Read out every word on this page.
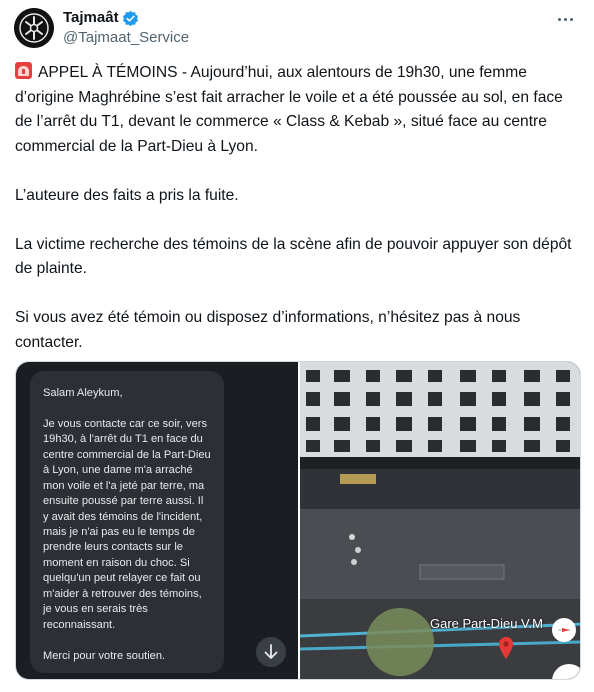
Tajmaât
@Tajmaat_Service
APPEL À TÉMOINS - Aujourd’hui, aux alentours de 19h30, une femme d’origine Maghrébine s’est fait arracher le voile et a été poussée au sol, en face de l’arrêt du T1, devant le commerce « Class & Kebab », situé face au centre commercial de la Part-Dieu à Lyon.
L’auteure des faits a pris la fuite.
La victime recherche des témoins de la scène afin de pouvoir appuyer son dépôt de plainte.
Si vous avez été témoin ou disposez d’informations, n’hésitez pas à nous contacter.

Salam Aleykum,

Je vous contacte car ce soir, vers 19h30, à l'arrêt du T1 en face du centre commercial de la Part-Dieu à Lyon, une dame m'a arraché mon voile et l'a jeté par terre, ma ensuite poussé par terre aussi. Il y avait des témoins de l'incident, mais je n'ai pas eu le temps de prendre leurs contacts sur le moment en raison du choc. Si quelqu'un peut relayer ce fait ou m'aider à retrouver des témoins, je vous en serais très reconnaissant.

Merci pour votre soutien.

Gare Part-Dieu V.M
